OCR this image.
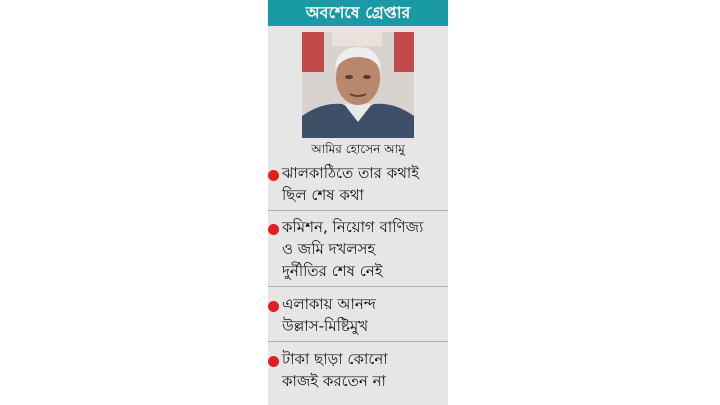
অবশেষে গ্রেপ্তার
আমির হোসেন আমু
ঝালকাঠিতে তার কথাই
ছিল শেষ কথা
কমিশন, নিয়োগ বাণিজ্য
ও জমি দখলসহ
দুর্নীতির শেষ নেই
এলাকায় আনন্দ
উল্লাস-মিষ্টিমুখ
টাকা ছাড়া কোনো
কাজই করতেন না
